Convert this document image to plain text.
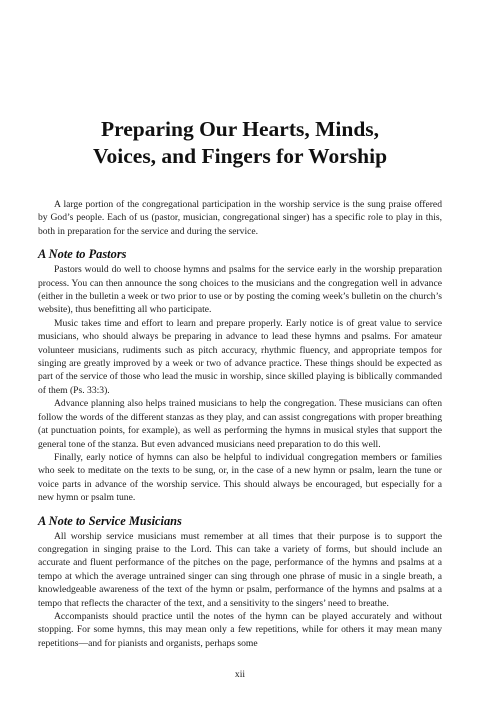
Preparing Our Hearts, Minds,
Voices, and Fingers for Worship

A large portion of the congregational participation in the worship service is the sung praise offered by God’s people. Each of us (pastor, musician, congregational singer) has a specific role to play in this, both in preparation for the service and during the service.

A Note to Pastors

Pastors would do well to choose hymns and psalms for the service early in the worship preparation process. You can then announce the song choices to the musicians and the congregation well in advance (either in the bulletin a week or two prior to use or by posting the coming week’s bulletin on the church’s website), thus benefitting all who participate.

Music takes time and effort to learn and prepare properly. Early notice is of great value to service musicians, who should always be preparing in advance to lead these hymns and psalms. For amateur volunteer musicians, rudiments such as pitch accuracy, rhythmic fluency, and appropriate tempos for singing are greatly improved by a week or two of advance practice. These things should be expected as part of the service of those who lead the music in worship, since skilled playing is biblically commanded of them (Ps. 33:3).

Advance planning also helps trained musicians to help the congregation. These musicians can often follow the words of the different stanzas as they play, and can assist congregations with proper breathing (at punctuation points, for example), as well as performing the hymns in musical styles that support the general tone of the stanza. But even advanced musicians need preparation to do this well.

Finally, early notice of hymns can also be helpful to individual congregation members or families who seek to meditate on the texts to be sung, or, in the case of a new hymn or psalm, learn the tune or voice parts in advance of the worship service. This should always be encouraged, but especially for a new hymn or psalm tune.

A Note to Service Musicians

All worship service musicians must remember at all times that their purpose is to support the congregation in singing praise to the Lord. This can take a variety of forms, but should include an accurate and fluent performance of the pitches on the page, performance of the hymns and psalms at a tempo at which the average untrained singer can sing through one phrase of music in a single breath, a knowledgeable awareness of the text of the hymn or psalm, performance of the hymns and psalms at a tempo that reflects the character of the text, and a sensitivity to the singers’ need to breathe.

Accompanists should practice until the notes of the hymn can be played accurately and without stopping. For some hymns, this may mean only a few repetitions, while for others it may mean many repetitions—and for pianists and organists, perhaps some

xii
